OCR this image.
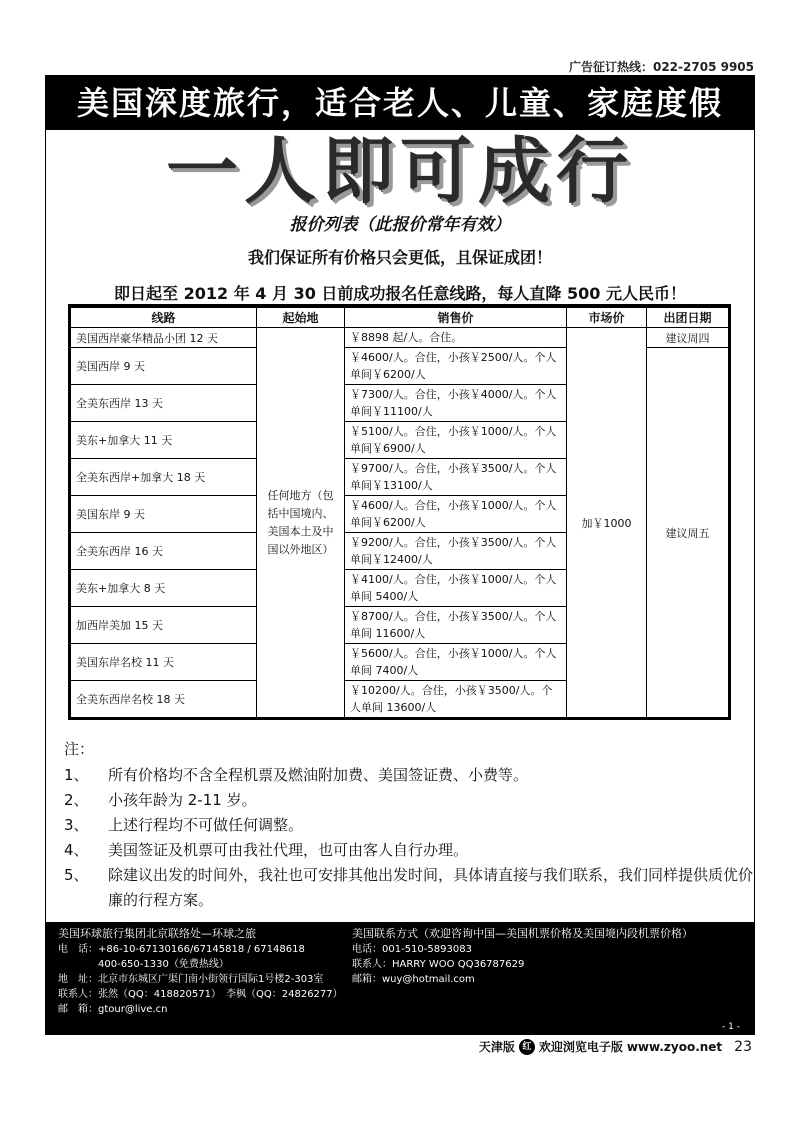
广告征订热线：022-2705 9905
美国深度旅行，适合老人、儿童、家庭度假
一人即可成行
报价列表（此报价常年有效）
我们保证所有价格只会更低，且保证成团！
即日起至 2012 年 4 月 30 日前成功报名任意线路，每人直降 500 元人民币！
线路	起始地	销售价	市场价	出团日期
美国西岸豪华精品小团 12 天	任何地方（包括中国境内、美国本土及中国以外地区）	￥8898 起/人。合住。	加￥1000	建议周四
美国西岸 9 天		￥4600/人。合住，小孩￥2500/人。个人单间￥6200/人		建议周五
全美东西岸 13 天		￥7300/人。合住，小孩￥4000/人。个人单间￥11100/人		
美东+加拿大 11 天		￥5100/人。合住，小孩￥1000/人。个人单间￥6900/人		
全美东西岸+加拿大 18 天		￥9700/人。合住，小孩￥3500/人。个人单间￥13100/人		
美国东岸 9 天		￥4600/人。合住，小孩￥1000/人。个人单间￥6200/人		
全美东西岸 16 天		￥9200/人。合住，小孩￥3500/人。个人单间￥12400/人		
美东+加拿大 8 天		￥4100/人。合住，小孩￥1000/人。个人单间 5400/人		
加西岸美加 15 天		￥8700/人。合住，小孩￥3500/人。个人单间 11600/人		
美国东岸名校 11 天		￥5600/人。合住，小孩￥1000/人。个人单间 7400/人		
全美东西岸名校 18 天		￥10200/人。合住，小孩￥3500/人。个人单间 13600/人		
注：
1、	所有价格均不含全程机票及燃油附加费、美国签证费、小费等。
2、	小孩年龄为 2-11 岁。
3、	上述行程均不可做任何调整。
4、	美国签证及机票可由我社代理，也可由客人自行办理。
5、	除建议出发的时间外，我社也可安排其他出发时间，具体请直接与我们联系，我们同样提供质优价廉的行程方案。
美国环球旅行集团北京联络处—环球之旅
电　话：+86-10-67130166/67145818 / 67148618
　　　　400-650-1330（免费热线）
地　址：北京市东城区广渠门南小街领行国际1号楼2-303室
联系人：张然（QQ：418820571）　李枫（QQ：24826277）
邮　箱：gtour@live.cn
美国联系方式（欢迎咨询中国—美国机票价格及美国境内段机票价格）
电话：001-510-5893083
联系人：HARRY WOO QQ36787629
邮箱：wuy@hotmail.com
- 1 -
天津版 红 欢迎浏览电子版 www.zyoo.net 23
